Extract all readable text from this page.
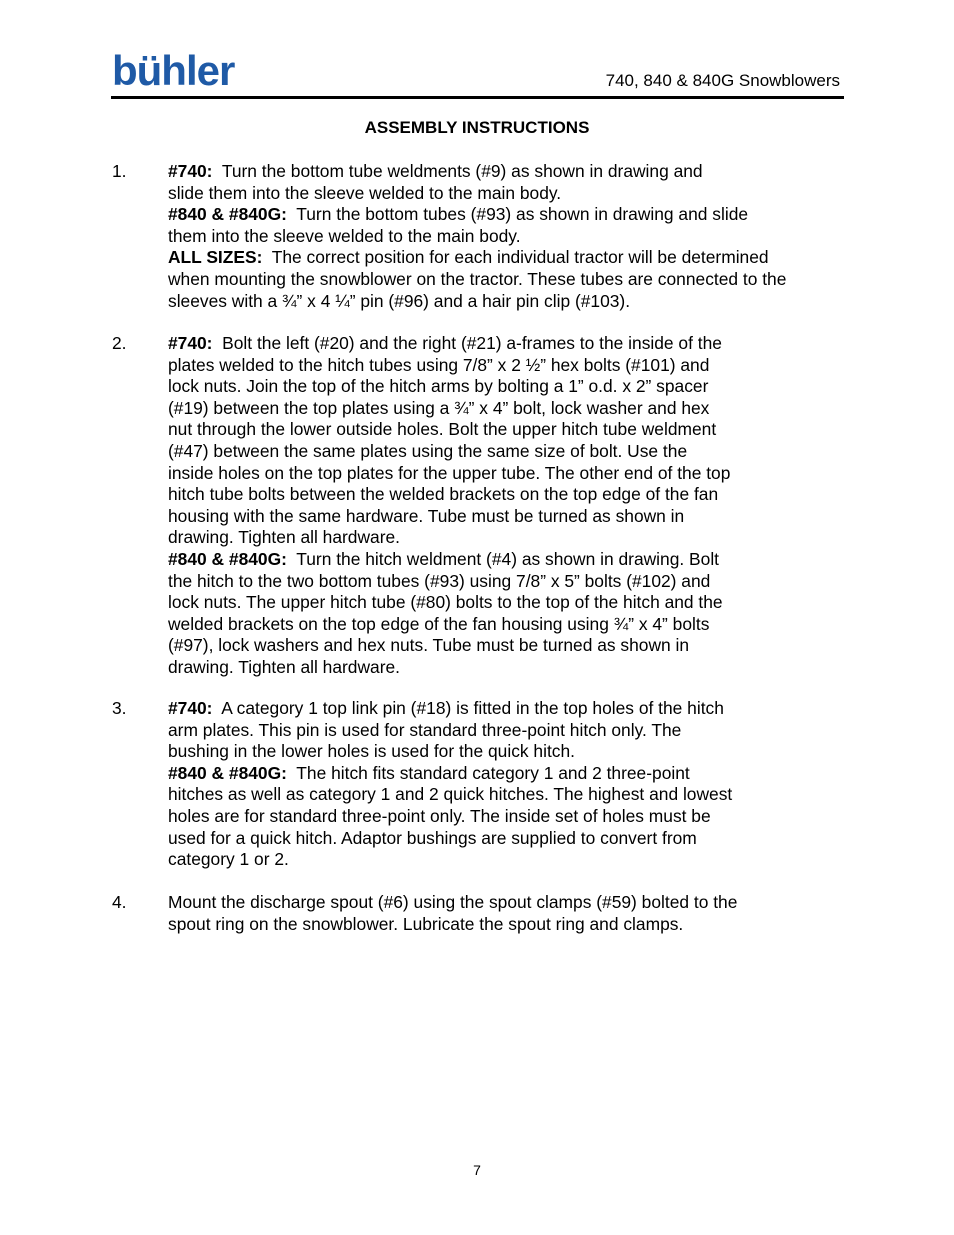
bühler	740, 840 & 840G Snowblowers
ASSEMBLY INSTRUCTIONS
1. #740: Turn the bottom tube weldments (#9) as shown in drawing and
slide them into the sleeve welded to the main body.
#840 & #840G: Turn the bottom tubes (#93) as shown in drawing and slide
them into the sleeve welded to the main body.
ALL SIZES: The correct position for each individual tractor will be determined
when mounting the snowblower on the tractor. These tubes are connected to the
sleeves with a ¾” x 4 ¼” pin (#96) and a hair pin clip (#103).
2. #740: Bolt the left (#20) and the right (#21) a-frames to the inside of the
plates welded to the hitch tubes using 7/8” x 2 ½” hex bolts (#101) and
lock nuts. Join the top of the hitch arms by bolting a 1” o.d. x 2” spacer
(#19) between the top plates using a ¾” x 4” bolt, lock washer and hex
nut through the lower outside holes. Bolt the upper hitch tube weldment
(#47) between the same plates using the same size of bolt. Use the
inside holes on the top plates for the upper tube. The other end of the top
hitch tube bolts between the welded brackets on the top edge of the fan
housing with the same hardware. Tube must be turned as shown in
drawing. Tighten all hardware.
#840 & #840G: Turn the hitch weldment (#4) as shown in drawing. Bolt
the hitch to the two bottom tubes (#93) using 7/8” x 5” bolts (#102) and
lock nuts. The upper hitch tube (#80) bolts to the top of the hitch and the
welded brackets on the top edge of the fan housing using ¾” x 4” bolts
(#97), lock washers and hex nuts. Tube must be turned as shown in
drawing. Tighten all hardware.
3. #740: A category 1 top link pin (#18) is fitted in the top holes of the hitch
arm plates. This pin is used for standard three-point hitch only. The
bushing in the lower holes is used for the quick hitch.
#840 & #840G: The hitch fits standard category 1 and 2 three-point
hitches as well as category 1 and 2 quick hitches. The highest and lowest
holes are for standard three-point only. The inside set of holes must be
used for a quick hitch. Adaptor bushings are supplied to convert from
category 1 or 2.
4. Mount the discharge spout (#6) using the spout clamps (#59) bolted to the
spout ring on the snowblower. Lubricate the spout ring and clamps.
7
